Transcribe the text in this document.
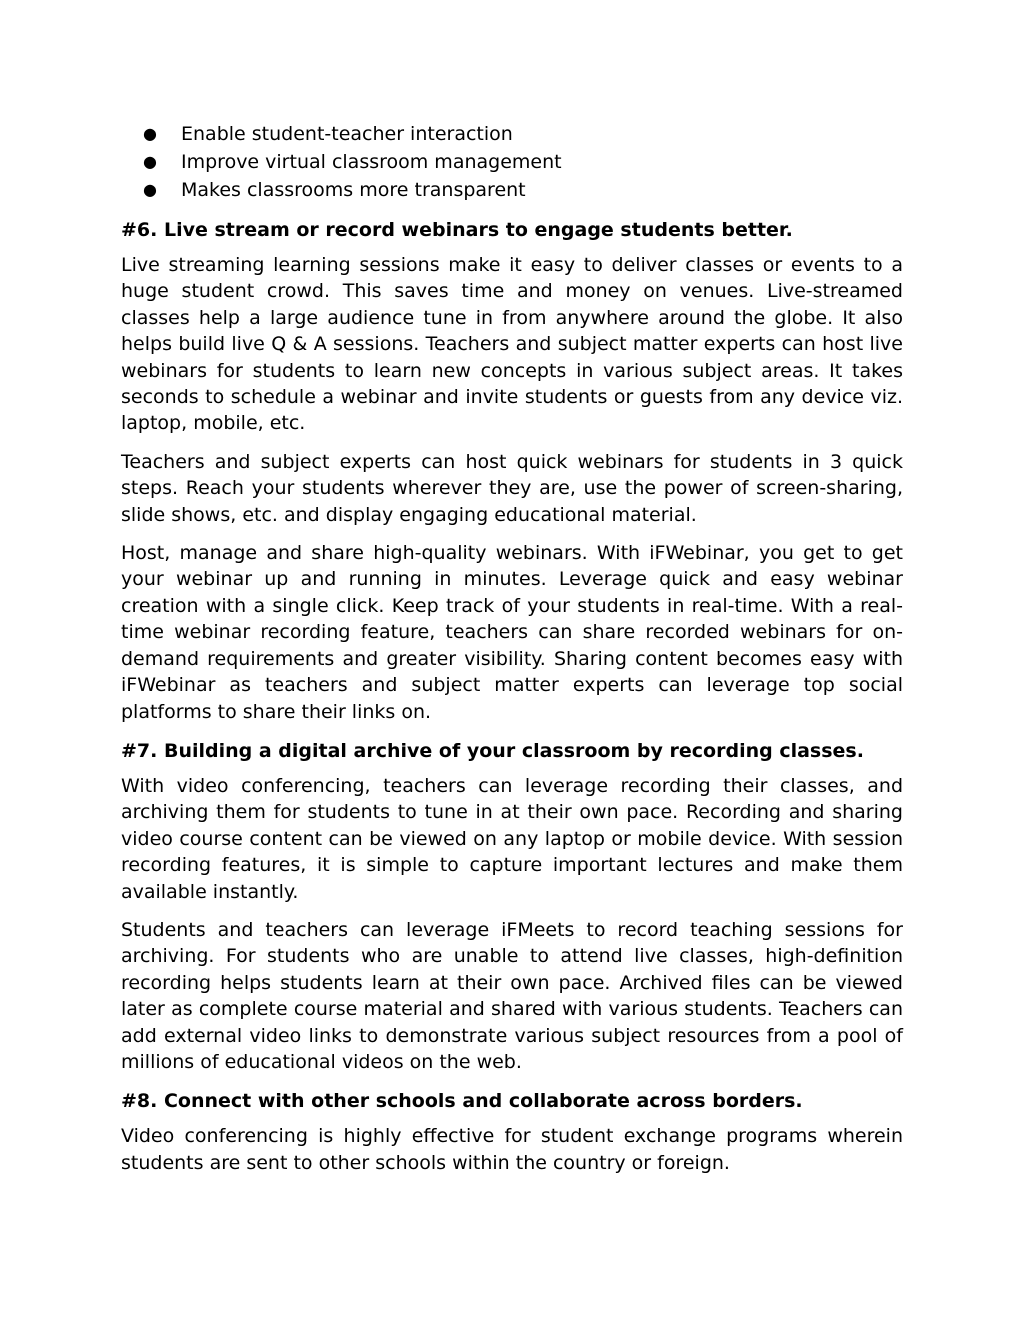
● Enable student-teacher interaction
● Improve virtual classroom management
● Makes classrooms more transparent
#6. Live stream or record webinars to engage students better.

Live streaming learning sessions make it easy to deliver classes or events to a huge student crowd. This saves time and money on venues. Live-streamed classes help a large audience tune in from anywhere around the globe. It also helps build live Q & A sessions. Teachers and subject matter experts can host live webinars for students to learn new concepts in various subject areas. It takes seconds to schedule a webinar and invite students or guests from any device viz. laptop, mobile, etc.

Teachers and subject experts can host quick webinars for students in 3 quick steps. Reach your students wherever they are, use the power of screen-sharing, slide shows, etc. and display engaging educational material.

Host, manage and share high-quality webinars. With iFWebinar, you get to get your webinar up and running in minutes. Leverage quick and easy webinar creation with a single click. Keep track of your students in real-time. With a real-time webinar recording feature, teachers can share recorded webinars for on-demand requirements and greater visibility. Sharing content becomes easy with iFWebinar as teachers and subject matter experts can leverage top social platforms to share their links on.

#7. Building a digital archive of your classroom by recording classes.

With video conferencing, teachers can leverage recording their classes, and archiving them for students to tune in at their own pace. Recording and sharing video course content can be viewed on any laptop or mobile device. With session recording features, it is simple to capture important lectures and make them available instantly.

Students and teachers can leverage iFMeets to record teaching sessions for archiving. For students who are unable to attend live classes, high-definition recording helps students learn at their own pace. Archived files can be viewed later as complete course material and shared with various students. Teachers can add external video links to demonstrate various subject resources from a pool of millions of educational videos on the web.

#8. Connect with other schools and collaborate across borders.

Video conferencing is highly effective for student exchange programs wherein students are sent to other schools within the country or foreign.
